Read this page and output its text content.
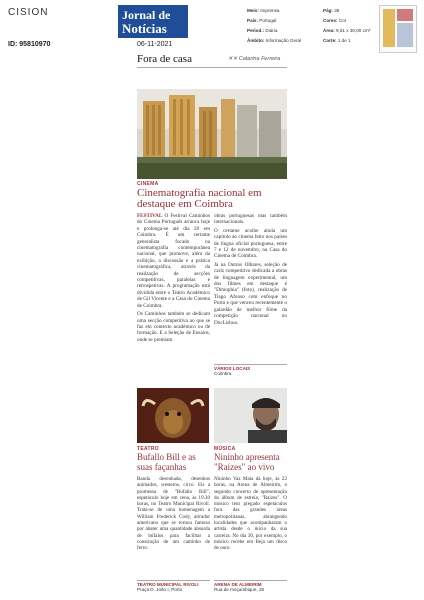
CISION
ID: 95810970
Jornal de
Notícias
06-11-2021
Meio: Imprensa
País: Portugal
Period.: Diária
Âmbito: Informação Geral
Pág: 36
Cores: Cor
Área: 9,61 x 30,00 cm²
Corte: 1 de 1
Fora de casa	✕✕ Catarina Ferreira
CINEMA
Cinematografia nacional em destaque em Coimbra
FESTIVAL O Festival Caminhos do Cinema Português arranca hoje e prolonga-se até dia 20 em Coimbra. É um certame generalista focado na cinematografia contemporânea nacional, que promove, além da exibição, a discussão e a prática cinematográfica, através da realização de secções competitivas, paralelas e retrospetivas. A programação está dividida entre o Teatro Académico de Gil Vicente e a Casa do Cinema de Coimbra.
Os Caminhos também se dedicam uma secção competitiva ao que se faz em contexto académico ou de formação. E a Seleção de Ensaios, onde se premiam
obras portuguesas mas também internacionais.
O certame acolhe ainda um capítulo ao cinema feito nos países de língua oficial portuguesa, entre 7 e 12 de novembro, na Casa do Cinema de Coimbra.
Já na Outros Olhares, seleção de cariz competitivo dedicada a obras de linguagem experimental, um dos filmes em destaque é "Dimophia" (foto), realização de Tiago Afonso com enfoque no Porto e que venceu recentemente o galardão de melhor filme da competição nacional no DocLisboa.
VÁRIOS LOCAIS
Coimbra
TEATRO
Bufallo Bill e as suas façanhas
Banda desenhada, desenhos animados, westerns, circo. Eis a promessa de "Bufallo Bill", espetáculo hoje em cena, às 19.30 horas, no Teatro Municipal Rivoli. Trata-se de uma homenagem a William Frederick Cody, atirador americano que se tornou famoso por abater uma quantidade absurda de búfalos para facilitar a construção de um caminho de ferro.
TEATRO MUNICIPAL RIVOLI
Praça D. João I, Porto
MÚSICA
Nininho apresenta "Raízes" ao vivo
Nininho Vaz Maia dá hoje, às 22 horas, na Arena de Almeirim, o segundo concerto de apresentação do álbum de estreia, "Raízes". O músico tem pregado espetáculos fora das grandes áreas metropolitanas, abrangendo localidades que acompanharam o artista desde o início da sua carreira. No dia 30, por exemplo, o músico recebe em Beja um disco de ouro.
ARENA DE ALMEIRIM
Rua de moçambique, 26
